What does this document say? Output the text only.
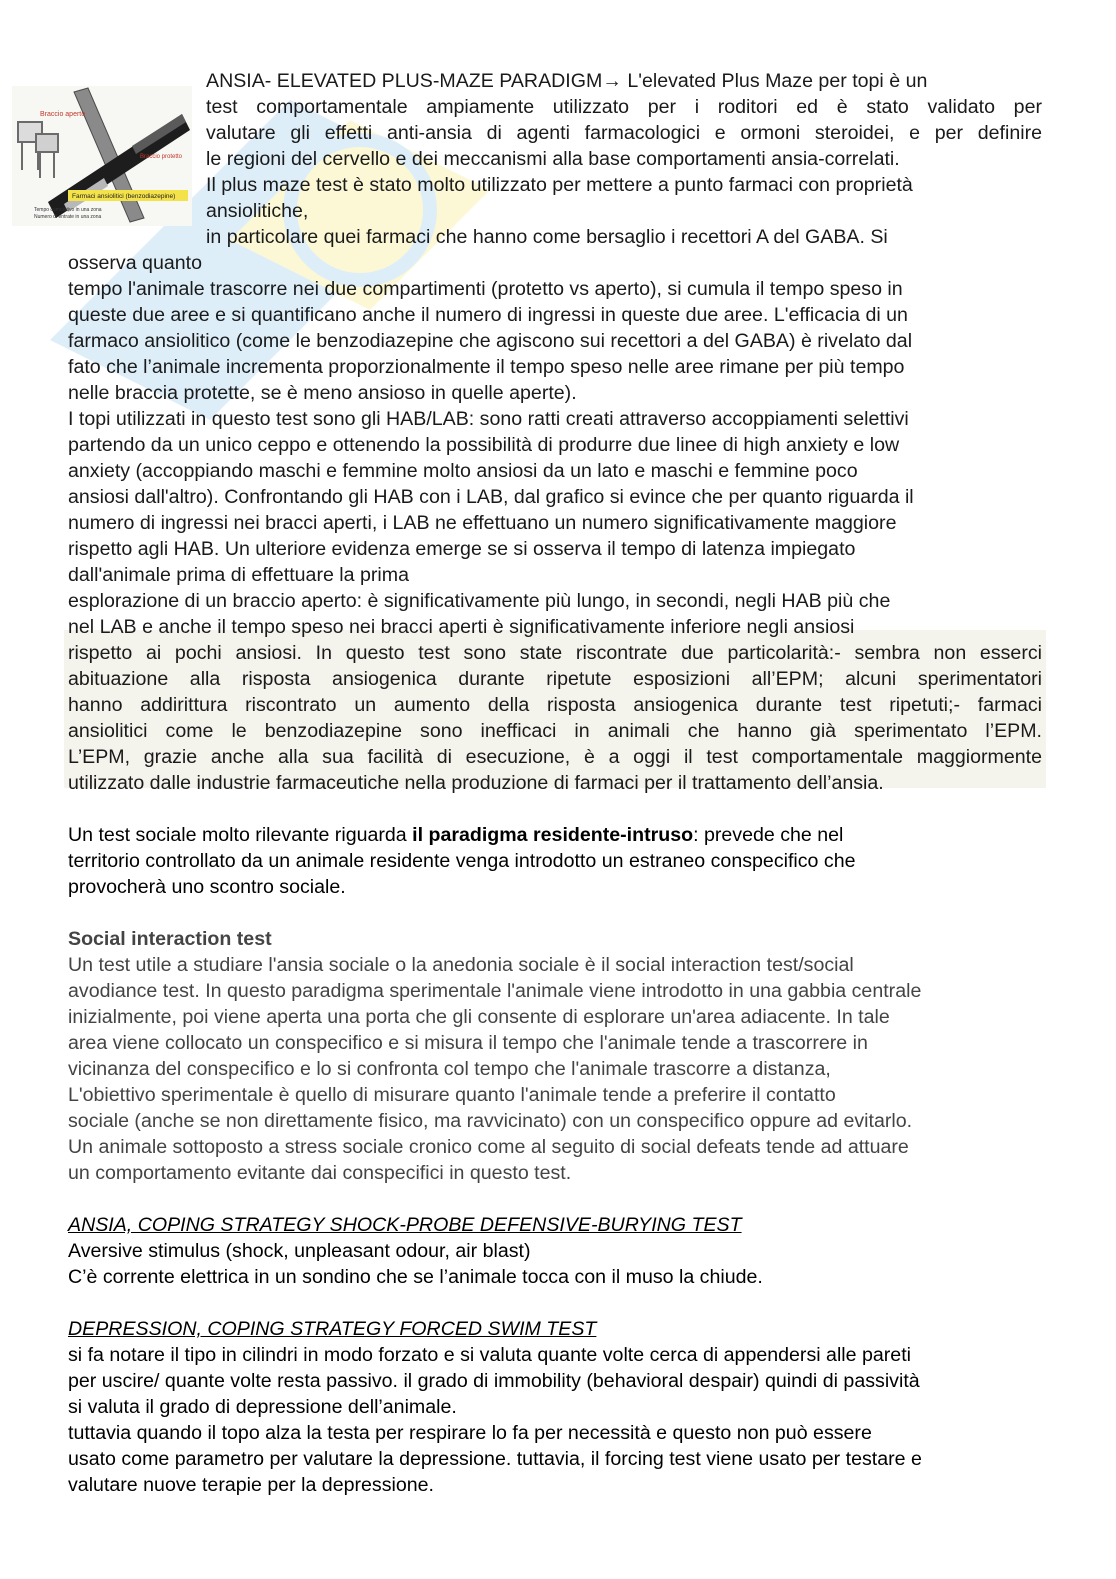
Braccio aperto
Braccio protetto
Farmaci ansiolitici (benzodiazepine)
Tempo cumulativo in una zona
Numero di entrate in una zona
ANSIA- ELEVATED PLUS-MAZE PARADIGM→ L'elevated Plus Maze per topi è un
test comportamentale ampiamente utilizzato per i roditori ed è stato validato per
valutare gli effetti anti-ansia di agenti farmacologici e ormoni steroidei, e per definire
le regioni del cervello e dei meccanismi alla base comportamenti ansia-correlati.
Il plus maze test è stato molto utilizzato per mettere a punto farmaci con proprietà
ansiolitiche,
in particolare quei farmaci che hanno come bersaglio i recettori A del GABA. Si
osserva quanto
tempo l'animale trascorre nei due compartimenti (protetto vs aperto), si cumula il tempo speso in
queste due aree e si quantificano anche il numero di ingressi in queste due aree. L'efficacia di un
farmaco ansiolitico (come le benzodiazepine che agiscono sui recettori a del GABA) è rivelato dal
fato che l’animale incrementa proporzionalmente il tempo speso nelle aree rimane per più tempo
nelle braccia protette, se è meno ansioso in quelle aperte).
I topi utilizzati in questo test sono gli HAB/LAB: sono ratti creati attraverso accoppiamenti selettivi
partendo da un unico ceppo e ottenendo la possibilità di produrre due linee di high anxiety e low
anxiety (accoppiando maschi e femmine molto ansiosi da un lato e maschi e femmine poco
ansiosi dall'altro). Confrontando gli HAB con i LAB, dal grafico si evince che per quanto riguarda il
numero di ingressi nei bracci aperti, i LAB ne effettuano un numero significativamente maggiore
rispetto agli HAB. Un ulteriore evidenza emerge se si osserva il tempo di latenza impiegato
dall'animale prima di effettuare la prima
esplorazione di un braccio aperto: è significativamente più lungo, in secondi, negli HAB più che
nel LAB e anche il tempo speso nei bracci aperti è significativamente inferiore negli ansiosi
rispetto ai pochi ansiosi. In questo test sono state riscontrate due particolarità:- sembra non esserci
abituazione alla risposta ansiogenica durante ripetute esposizioni all’EPM; alcuni sperimentatori
hanno addirittura riscontrato un aumento della risposta ansiogenica durante test ripetuti;- farmaci
ansiolitici come le benzodiazepine sono inefficaci in animali che hanno già sperimentato l’EPM.
L’EPM, grazie anche alla sua facilità di esecuzione, è a oggi il test comportamentale maggiormente
utilizzato dalle industrie farmaceutiche nella produzione di farmaci per il trattamento dell’ansia.
Un test sociale molto rilevante riguarda il paradigma residente-intruso: prevede che nel
territorio controllato da un animale residente venga introdotto un estraneo conspecifico che
provocherà uno scontro sociale.
Social interaction test
Un test utile a studiare l'ansia sociale o la anedonia sociale è il social interaction test/social
avodiance test. In questo paradigma sperimentale l'animale viene introdotto in una gabbia centrale
inizialmente, poi viene aperta una porta che gli consente di esplorare un'area adiacente. In tale
area viene collocato un conspecifico e si misura il tempo che l'animale tende a trascorrere in
vicinanza del conspecifico e lo si confronta col tempo che l'animale trascorre a distanza,
L'obiettivo sperimentale è quello di misurare quanto l'animale tende a preferire il contatto
sociale (anche se non direttamente fisico, ma ravvicinato) con un conspecifico oppure ad evitarlo.
Un animale sottoposto a stress sociale cronico come al seguito di social defeats tende ad attuare
un comportamento evitante dai conspecifici in questo test.
ANSIA, COPING STRATEGY SHOCK-PROBE DEFENSIVE-BURYING TEST
Aversive stimulus (shock, unpleasant odour, air blast)
C’è corrente elettrica in un sondino che se l’animale tocca con il muso la chiude.
DEPRESSION, COPING STRATEGY FORCED SWIM TEST
si fa notare il tipo in cilindri in modo forzato e si valuta quante volte cerca di appendersi alle pareti
per uscire/ quante volte resta passivo. il grado di immobility (behavioral despair) quindi di passività
si valuta il grado di depressione dell’animale.
tuttavia quando il topo alza la testa per respirare lo fa per necessità e questo non può essere
usato come parametro per valutare la depressione. tuttavia, il forcing test viene usato per testare e
valutare nuove terapie per la depressione.
